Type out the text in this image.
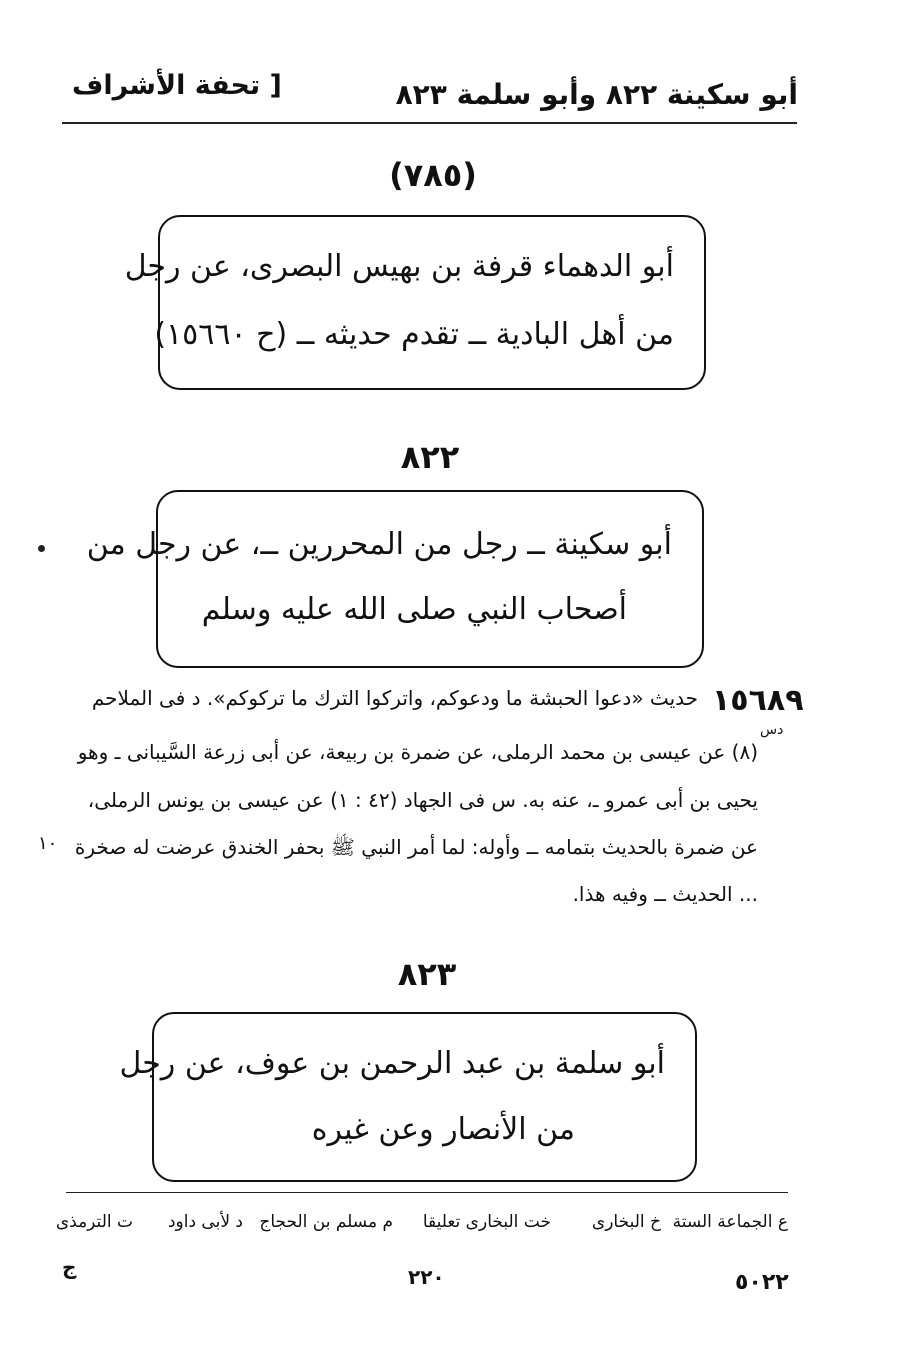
أبو سكينة ٨٢٢ وأبو سلمة ٨٢٣
[ تحفة الأشراف
(٧٨٥)
أبو الدهماء قرفة بن بهيس البصرى، عن رجل
من أهل البادية ــ تقدم حديثه ــ (ح ١٥٦٦٠)
٨٢٢
أبو سكينة ــ رجل من المحررين ــ، عن رجل من
أصحاب النبي صلى الله عليه وسلم
١٥٦٨٩
حديث «دعوا الحبشة ما ودعوكم، واتركوا الترك ما تركوكم». د فى الملاحم
دس
(٨) عن عيسى بن محمد الرملى، عن ضمرة بن ربيعة، عن أبى زرعة السَّيبانى ـ وهو
يحيى بن أبى عمرو ـ، عنه به. س فى الجهاد (٤٢ : ١) عن عيسى بن يونس الرملى،
عن ضمرة بالحديث بتمامه ــ وأوله: لما أمر النبي ﷺ بحفر الخندق عرضت له صخرة
١٠
... الحديث ــ وفيه هذا.
٨٢٣
أبو سلمة بن عبد الرحمن بن عوف، عن رجل
من الأنصار وعن غيره
ع الجماعة الستة
خ البخارى
خت البخارى تعليقا
م مسلم بن الحجاج
د لأبى داود
ت الترمذى
٢٢٠	٥٠٢٢
ج
